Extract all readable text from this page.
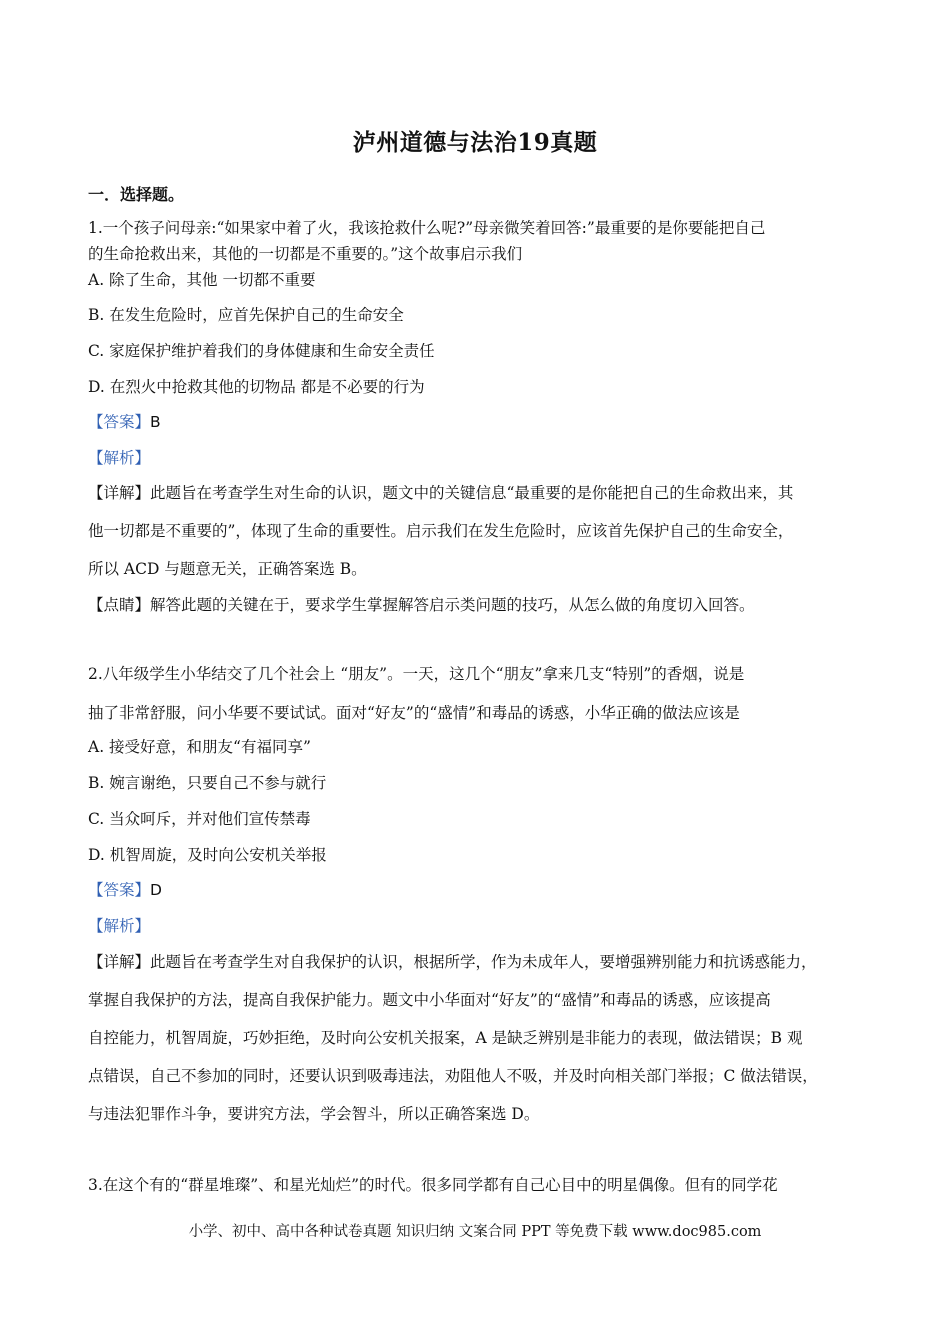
泸州道德与法治19真题
一．选择题。
1.一个孩子问母亲:“如果家中着了火，我该抢救什么呢?”母亲微笑着回答:”最重要的是你要能把自己
的生命抢救出来，其他的一切都是不重要的。”这个故事启示我们
A. 除了生命，其他 一切都不重要
B. 在发生危险时，应首先保护自己的生命安全
C. 家庭保护维护着我们的身体健康和生命安全责任
D. 在烈火中抢救其他的切物品 都是不必要的行为
【答案】B
【解析】
【详解】此题旨在考查学生对生命的认识，题文中的关键信息“最重要的是你能把自己的生命救出来，其
他一切都是不重要的”，体现了生命的重要性。启示我们在发生危险时，应该首先保护自己的生命安全，
所以 ACD 与题意无关，正确答案选 B。
【点睛】解答此题的关键在于，要求学生掌握解答启示类问题的技巧，从怎么做的角度切入回答。
2.八年级学生小华结交了几个社会上 “朋友”。一天，这几个“朋友”拿来几支“特别”的香烟，说是
抽了非常舒服，问小华要不要试试。面对“好友”的“盛情”和毒品的诱惑，小华正确的做法应该是
A. 接受好意，和朋友“有福同享”
B. 婉言谢绝，只要自己不参与就行
C. 当众呵斥，并对他们宣传禁毒
D. 机智周旋，及时向公安机关举报
【答案】D
【解析】
【详解】此题旨在考查学生对自我保护的认识，根据所学，作为未成年人，要增强辨别能力和抗诱惑能力，
掌握自我保护的方法，提高自我保护能力。题文中小华面对“好友”的“盛情”和毒品的诱惑，应该提高
自控能力，机智周旋，巧妙拒绝，及时向公安机关报案，A 是缺乏辨别是非能力的表现，做法错误；B 观
点错误，自己不参加的同时，还要认识到吸毒违法，劝阻他人不吸，并及时向相关部门举报；C 做法错误，
与违法犯罪作斗争，要讲究方法，学会智斗，所以正确答案选 D。
3.在这个有的“群星堆璨”、和星光灿烂”的时代。很多同学都有自己心目中的明星偶像。但有的同学花
小学、初中、高中各种试卷真题 知识归纳 文案合同 PPT 等免费下载 www.doc985.com
